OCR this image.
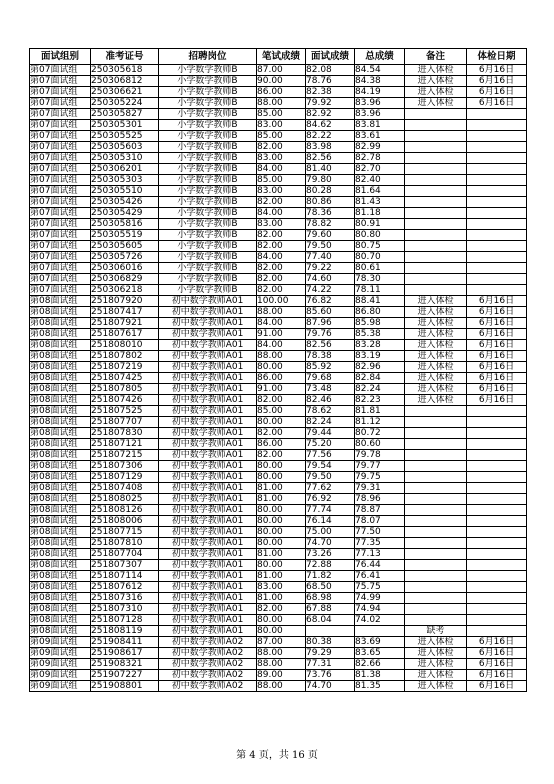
面试组别	准考证号	招聘岗位	笔试成绩	面试成绩	总成绩	备注	体检日期
第07面试组	250305618	小学数学教师B	87.00	82.08	84.54	进入体检	6月16日
第07面试组	250306812	小学数学教师B	90.00	78.76	84.38	进入体检	6月16日
第07面试组	250306621	小学数学教师B	86.00	82.38	84.19	进入体检	6月16日
第07面试组	250305224	小学数学教师B	88.00	79.92	83.96	进入体检	6月16日
第07面试组	250305827	小学数学教师B	85.00	82.92	83.96		
第07面试组	250305301	小学数学教师B	83.00	84.62	83.81		
第07面试组	250305525	小学数学教师B	85.00	82.22	83.61		
第07面试组	250305603	小学数学教师B	82.00	83.98	82.99		
第07面试组	250305310	小学数学教师B	83.00	82.56	82.78		
第07面试组	250306201	小学数学教师B	84.00	81.40	82.70		
第07面试组	250305303	小学数学教师B	85.00	79.80	82.40		
第07面试组	250305510	小学数学教师B	83.00	80.28	81.64		
第07面试组	250305426	小学数学教师B	82.00	80.86	81.43		
第07面试组	250305429	小学数学教师B	84.00	78.36	81.18		
第07面试组	250305816	小学数学教师B	83.00	78.82	80.91		
第07面试组	250305519	小学数学教师B	82.00	79.60	80.80		
第07面试组	250305605	小学数学教师B	82.00	79.50	80.75		
第07面试组	250305726	小学数学教师B	84.00	77.40	80.70		
第07面试组	250306016	小学数学教师B	82.00	79.22	80.61		
第07面试组	250306829	小学数学教师B	82.00	74.60	78.30		
第07面试组	250306218	小学数学教师B	82.00	74.22	78.11		
第08面试组	251807920	初中数学教师A01	100.00	76.82	88.41	进入体检	6月16日
第08面试组	251807417	初中数学教师A01	88.00	85.60	86.80	进入体检	6月16日
第08面试组	251807921	初中数学教师A01	84.00	87.96	85.98	进入体检	6月16日
第08面试组	251807617	初中数学教师A01	91.00	79.76	85.38	进入体检	6月16日
第08面试组	251808010	初中数学教师A01	84.00	82.56	83.28	进入体检	6月16日
第08面试组	251807802	初中数学教师A01	88.00	78.38	83.19	进入体检	6月16日
第08面试组	251807219	初中数学教师A01	80.00	85.92	82.96	进入体检	6月16日
第08面试组	251807425	初中数学教师A01	86.00	79.68	82.84	进入体检	6月16日
第08面试组	251807805	初中数学教师A01	91.00	73.48	82.24	进入体检	6月16日
第08面试组	251807426	初中数学教师A01	82.00	82.46	82.23	进入体检	6月16日
第08面试组	251807525	初中数学教师A01	85.00	78.62	81.81		
第08面试组	251807707	初中数学教师A01	80.00	82.24	81.12		
第08面试组	251807830	初中数学教师A01	82.00	79.44	80.72		
第08面试组	251807121	初中数学教师A01	86.00	75.20	80.60		
第08面试组	251807215	初中数学教师A01	82.00	77.56	79.78		
第08面试组	251807306	初中数学教师A01	80.00	79.54	79.77		
第08面试组	251807129	初中数学教师A01	80.00	79.50	79.75		
第08面试组	251807408	初中数学教师A01	81.00	77.62	79.31		
第08面试组	251808025	初中数学教师A01	81.00	76.92	78.96		
第08面试组	251808126	初中数学教师A01	80.00	77.74	78.87		
第08面试组	251808006	初中数学教师A01	80.00	76.14	78.07		
第08面试组	251807715	初中数学教师A01	80.00	75.00	77.50		
第08面试组	251807810	初中数学教师A01	80.00	74.70	77.35		
第08面试组	251807704	初中数学教师A01	81.00	73.26	77.13		
第08面试组	251807307	初中数学教师A01	80.00	72.88	76.44		
第08面试组	251807114	初中数学教师A01	81.00	71.82	76.41		
第08面试组	251807612	初中数学教师A01	83.00	68.50	75.75		
第08面试组	251807316	初中数学教师A01	81.00	68.98	74.99		
第08面试组	251807310	初中数学教师A01	82.00	67.88	74.94		
第08面试组	251807128	初中数学教师A01	80.00	68.04	74.02		
第08面试组	251808119	初中数学教师A01	80.00			缺考	
第09面试组	251908411	初中数学教师A02	87.00	80.38	83.69	进入体检	6月16日
第09面试组	251908617	初中数学教师A02	88.00	79.29	83.65	进入体检	6月16日
第09面试组	251908321	初中数学教师A02	88.00	77.31	82.66	进入体检	6月16日
第09面试组	251907227	初中数学教师A02	89.00	73.76	81.38	进入体检	6月16日
第09面试组	251908801	初中数学教师A02	88.00	74.70	81.35	进入体检	6月16日
第 4 页，共 16 页
